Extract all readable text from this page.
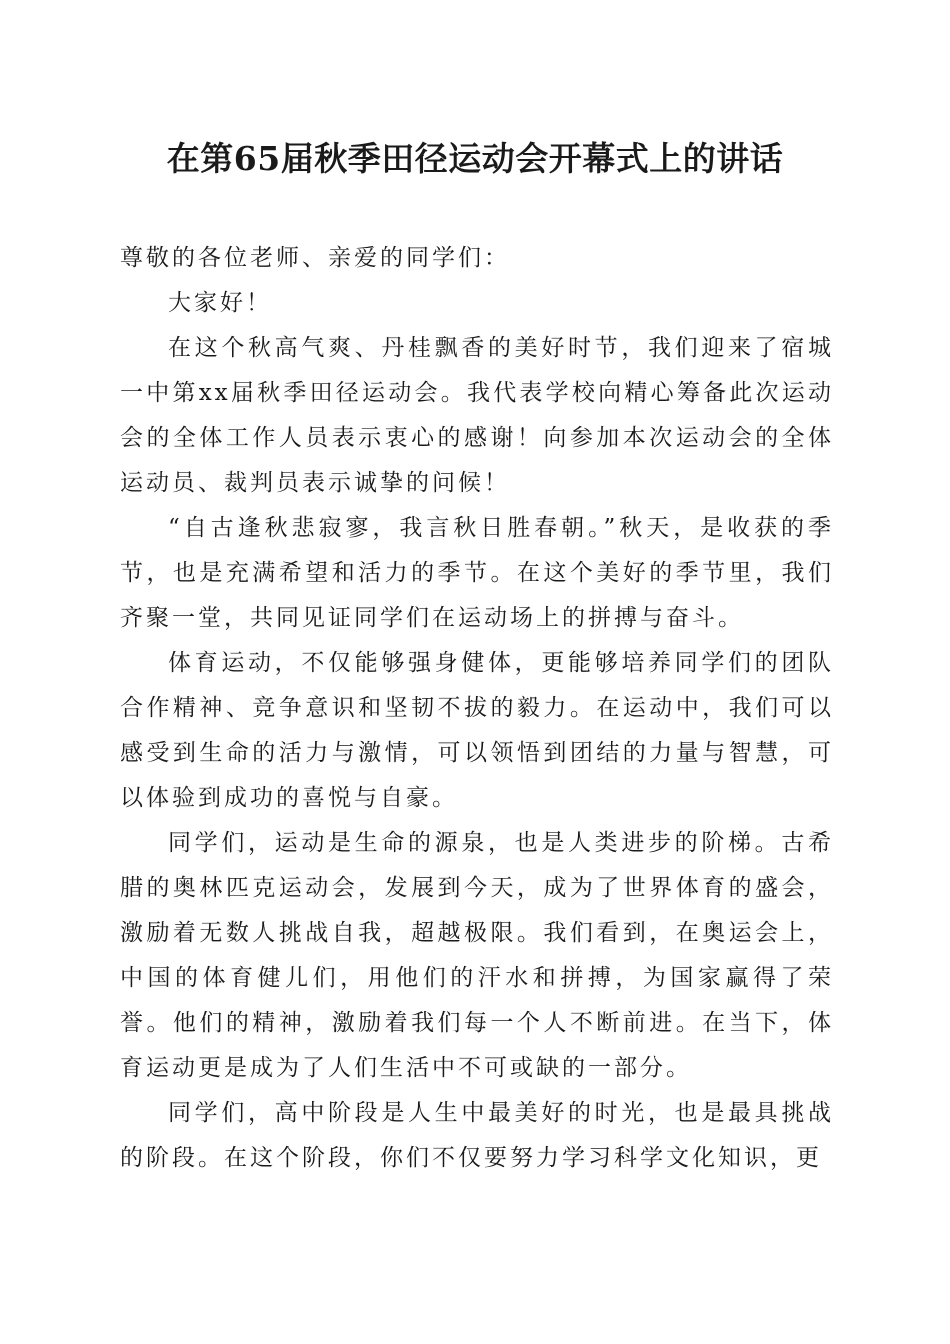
在第65届秋季田径运动会开幕式上的讲话

尊敬的各位老师、亲爱的同学们：

大家好！

在这个秋高气爽、丹桂飘香的美好时节，我们迎来了宿城一中第xx届秋季田径运动会。我代表学校向精心筹备此次运动会的全体工作人员表示衷心的感谢！向参加本次运动会的全体运动员、裁判员表示诚挚的问候！

“自古逢秋悲寂寥，我言秋日胜春朝。”秋天，是收获的季节，也是充满希望和活力的季节。在这个美好的季节里，我们齐聚一堂，共同见证同学们在运动场上的拼搏与奋斗。

体育运动，不仅能够强身健体，更能够培养同学们的团队合作精神、竞争意识和坚韧不拔的毅力。在运动中，我们可以感受到生命的活力与激情，可以领悟到团结的力量与智慧，可以体验到成功的喜悦与自豪。

同学们，运动是生命的源泉，也是人类进步的阶梯。古希腊的奥林匹克运动会，发展到今天，成为了世界体育的盛会，激励着无数人挑战自我，超越极限。我们看到，在奥运会上，中国的体育健儿们，用他们的汗水和拼搏，为国家赢得了荣誉。他们的精神，激励着我们每一个人不断前进。在当下，体育运动更是成为了人们生活中不可或缺的一部分。

同学们，高中阶段是人生中最美好的时光，也是最具挑战的阶段。在这个阶段，你们不仅要努力学习科学文化知识，更
